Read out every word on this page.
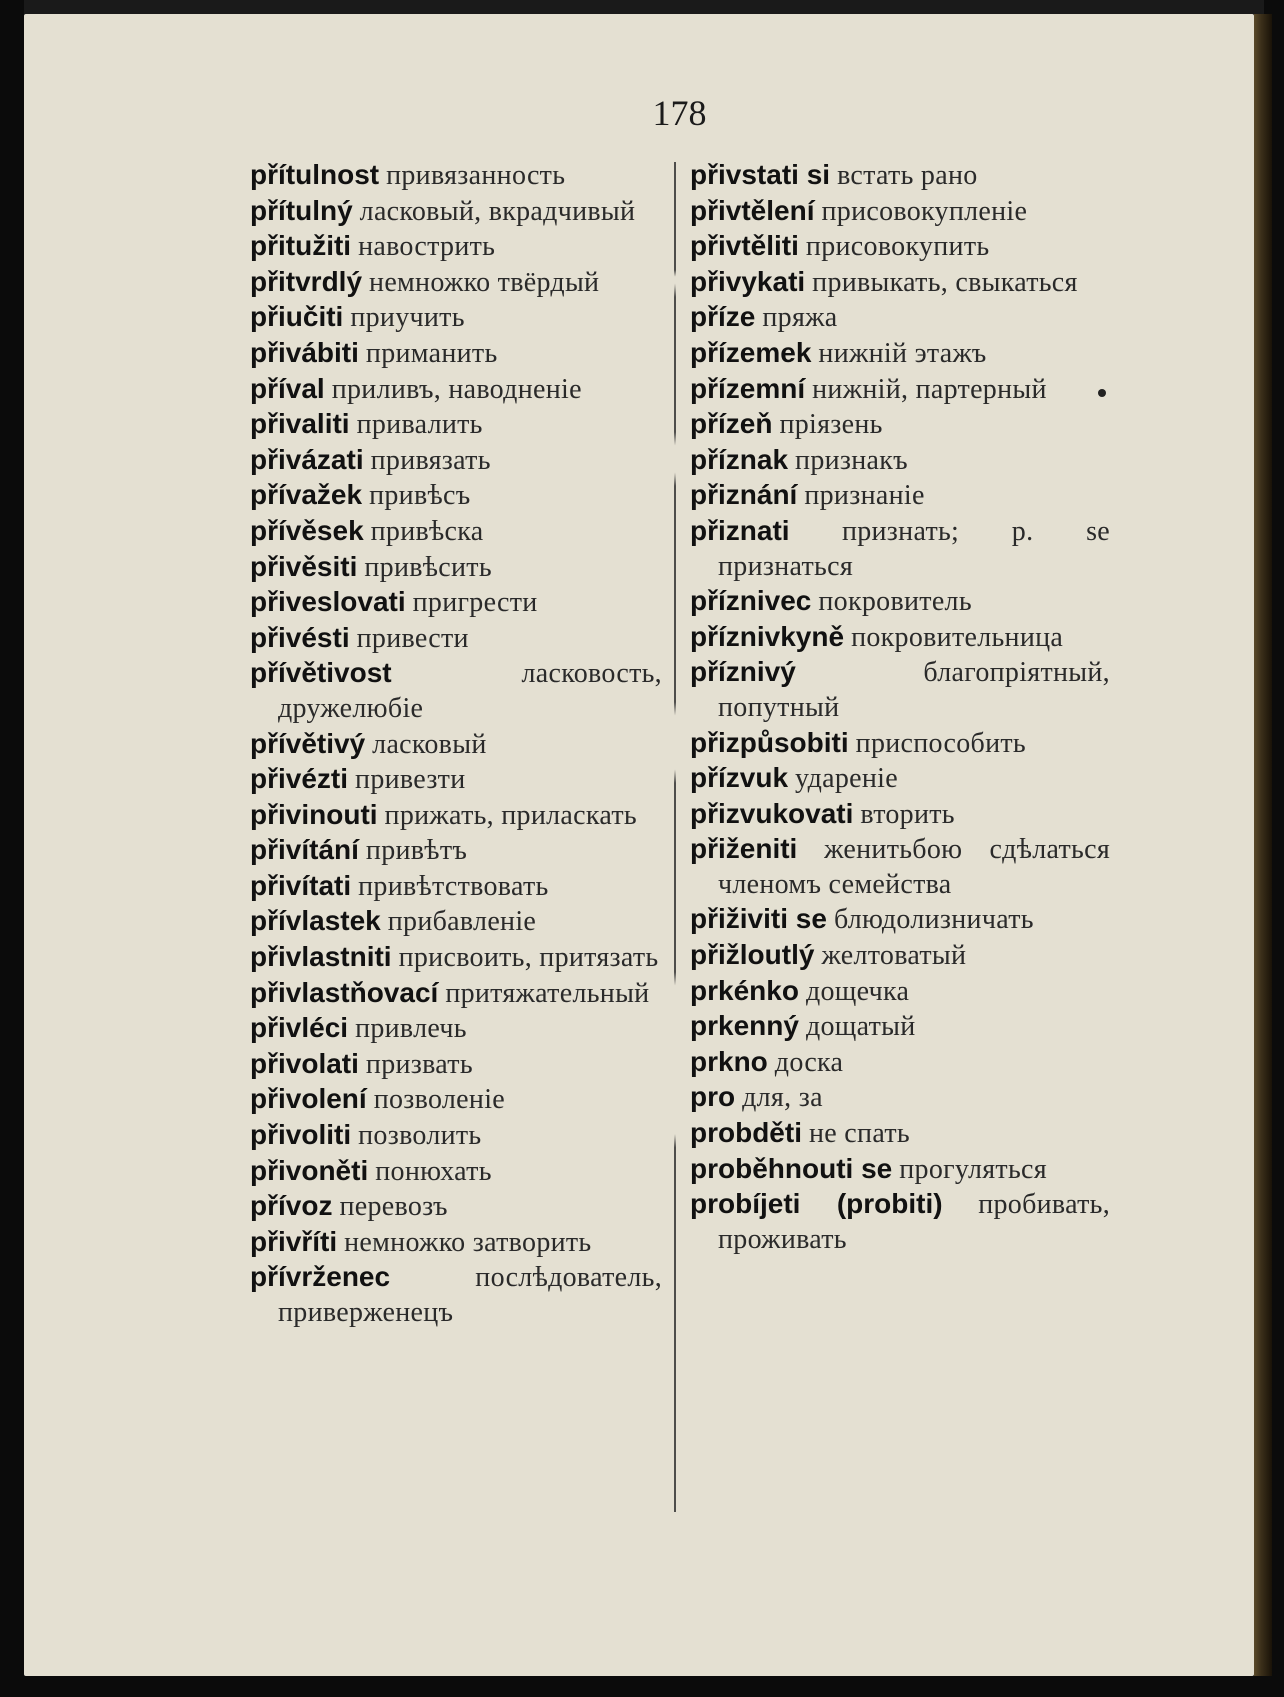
178

přítulnost привязанность

přítulný ласковый, вкрадчивый

přitužiti навострить

přitvrdlý немножко твёрдый

přiučiti приучить

přivábiti приманить

příval приливъ, наводненіе

přivaliti привалить

přivázati привязать

přívažek привѣсъ

přívěsek привѣска

přivěsiti привѣсить

přiveslovati пригрести

přivésti привести

přívětivost	ласковость, дружелюбіе

přívětivý ласковый

přivézti привезти

přivinouti прижать, приласкать

přivítání привѣтъ

přivítati привѣтствовать

přívlastek прибавленіе

přivlastniti присвоить, притязать

přivlastňovací притяжательный

přivléci привлечь

přivolati призвать

přivolení позволеніе

přivoliti позволить

přivoněti понюхать

přívoz перевозъ

přivříti немножко затворить

přívrženec	послѣдователь, приверженецъ

přivstati si встать рано

přivtělení присовокупленіе

přivtěliti присовокупить

přivykati привыкать, свыкаться

příze пряжа

přízemek нижній этажъ

přízemní нижній, партерный

přízeň пріязень

příznak признакъ

přiznání признаніе

přiznati признать; p. se признаться

příznivec покровитель

příznivkyně покровительница

příznivý	благопріятный, попутный

přizpůsobiti приспособить

přízvuk удареніе

přizvukovati вторить

přiženiti женитьбою сдѣлаться членомъ семейства

přiživiti se блюдолизничать

přižloutlý желтоватый

prkénko дощечка

prkenný дощатый

prkno доска

pro для, за

probděti не спать

proběhnouti se прогуляться

probíjeti (probiti) пробивать, проживать
